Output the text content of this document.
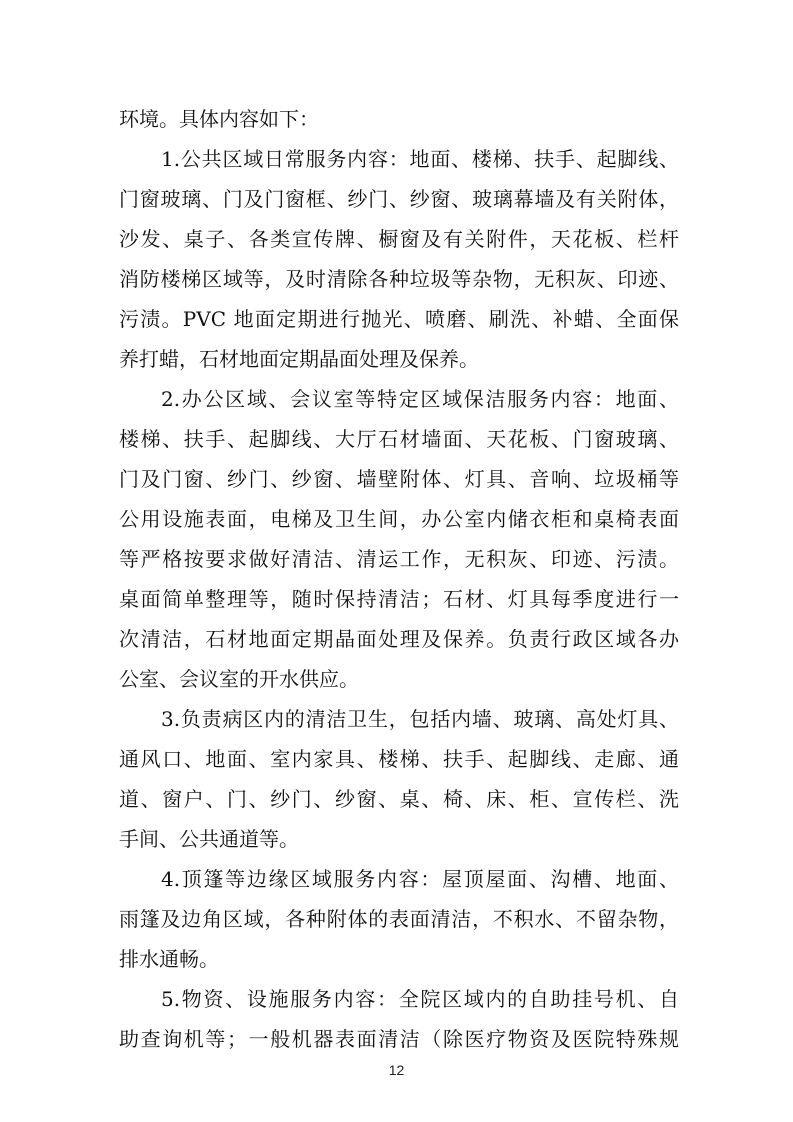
环境。具体内容如下：
1.公共区域日常服务内容：地面、楼梯、扶手、起脚线、
门窗玻璃、门及门窗框、纱门、纱窗、玻璃幕墙及有关附体，
沙发、桌子、各类宣传牌、橱窗及有关附件，天花板、栏杆
消防楼梯区域等，及时清除各种垃圾等杂物，无积灰、印迹、
污渍。PVC 地面定期进行抛光、喷磨、刷洗、补蜡、全面保
养打蜡，石材地面定期晶面处理及保养。
2.办公区域、会议室等特定区域保洁服务内容：地面、
楼梯、扶手、起脚线、大厅石材墙面、天花板、门窗玻璃、
门及门窗、纱门、纱窗、墙壁附体、灯具、音响、垃圾桶等
公用设施表面，电梯及卫生间，办公室内储衣柜和桌椅表面
等严格按要求做好清洁、清运工作，无积灰、印迹、污渍。
桌面简单整理等，随时保持清洁；石材、灯具每季度进行一
次清洁，石材地面定期晶面处理及保养。负责行政区域各办
公室、会议室的开水供应。
3.负责病区内的清洁卫生，包括内墙、玻璃、高处灯具、
通风口、地面、室内家具、楼梯、扶手、起脚线、走廊、通
道、窗户、门、纱门、纱窗、桌、椅、床、柜、宣传栏、洗
手间、公共通道等。
4.顶篷等边缘区域服务内容：屋顶屋面、沟槽、地面、
雨篷及边角区域，各种附体的表面清洁，不积水、不留杂物，
排水通畅。
5.物资、设施服务内容：全院区域内的自助挂号机、自
助查询机等；一般机器表面清洁（除医疗物资及医院特殊规
12
